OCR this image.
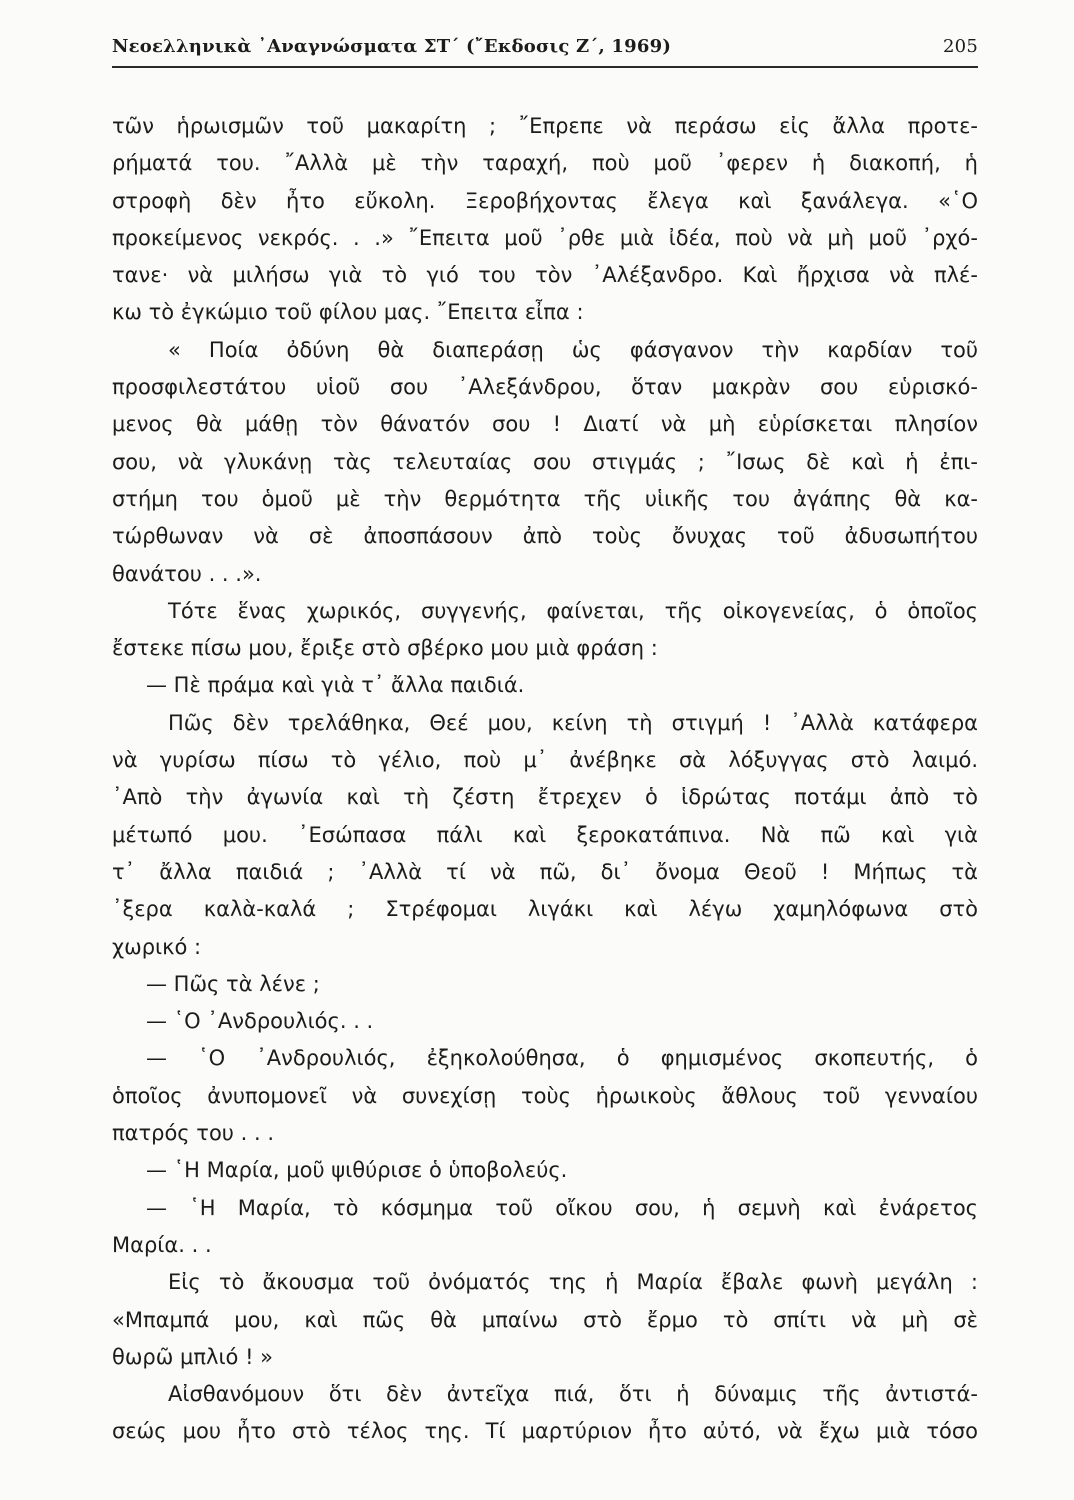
Νεοελληνικὰ ᾽Αναγνώσματα ΣΤ΄ (῎Εκδοσις Ζ΄, 1969)	205
τῶν ἡρωισμῶν τοῦ μακαρίτη ; ῎Επρεπε νὰ περάσω εἰς ἄλλα προτε-
ρήματά του. ῎Αλλὰ μὲ τὴν ταραχή, ποὺ μοῦ ᾽φερεν ἡ διακοπή, ἡ
στροφὴ δὲν ἦτο εὔκολη. Ξεροβήχοντας ἔλεγα καὶ ξανάλεγα. «῾Ο
προκείμενος νεκρός. . .» ῎Επειτα μοῦ ᾽ρθε μιὰ ἰδέα, ποὺ νὰ μὴ μοῦ ᾽ρχό-
τανε· νὰ μιλήσω γιὰ τὸ γιό του τὸν ᾽Αλέξανδρο. Καὶ ἤρχισα νὰ πλέ-
κω τὸ ἐγκώμιο τοῦ φίλου μας. ῎Επειτα εἶπα :
« Ποία ὀδύνη θὰ διαπεράσῃ ὡς φάσγανον τὴν καρδίαν τοῦ
προσφιλεστάτου υἱοῦ σου ᾽Αλεξάνδρου, ὅταν μακρὰν σου εὑρισκό-
μενος θὰ μάθῃ τὸν θάνατόν σου ! Διατί νὰ μὴ εὑρίσκεται πλησίον
σου, νὰ γλυκάνῃ τὰς τελευταίας σου στιγμάς ; ῎Ισως δὲ καὶ ἡ ἐπι-
στήμη του ὁμοῦ μὲ τὴν θερμότητα τῆς υἱικῆς του ἀγάπης θὰ κα-
τώρθωναν νὰ σὲ ἀποσπάσουν ἀπὸ τοὺς ὄνυχας τοῦ ἀδυσωπήτου
θανάτου . . .».
Τότε ἕνας χωρικός, συγγενής, φαίνεται, τῆς οἰκογενείας, ὁ ὁποῖος
ἔστεκε πίσω μου, ἔριξε στὸ σβέρκο μου μιὰ φράση :
— Πὲ πράμα καὶ γιὰ τ᾽ ἄλλα παιδιά.
Πῶς δὲν τρελάθηκα, Θεέ μου, κείνη τὴ στιγμή ! ᾽Αλλὰ κατάφερα
νὰ γυρίσω πίσω τὸ γέλιο, ποὺ μ᾽ ἀνέβηκε σὰ λόξυγγας στὸ λαιμό.
᾽Απὸ τὴν ἀγωνία καὶ τὴ ζέστη ἔτρεχεν ὁ ἱδρώτας ποτάμι ἀπὸ τὸ
μέτωπό μου. ᾽Εσώπασα πάλι καὶ ξεροκατάπινα. Νὰ πῶ καὶ γιὰ
τ᾽ ἄλλα παιδιά ; ᾽Αλλὰ τί νὰ πῶ, δι᾽ ὄνομα Θεοῦ ! Μήπως τὰ
᾽ξερα καλὰ-καλά ; Στρέφομαι λιγάκι καὶ λέγω χαμηλόφωνα στὸ
χωρικό :
— Πῶς τὰ λένε ;
— ῾Ο ᾽Ανδρουλιός. . .
— ῾Ο ᾽Ανδρουλιός, ἐξηκολούθησα, ὁ φημισμένος σκοπευτής, ὁ
ὁποῖος ἀνυπομονεῖ νὰ συνεχίσῃ τοὺς ἡρωικοὺς ἄθλους τοῦ γενναίου
πατρός του . . .
— ῾Η Μαρία, μοῦ ψιθύρισε ὁ ὑποβολεύς.
— ῾Η Μαρία, τὸ κόσμημα τοῦ οἴκου σου, ἡ σεμνὴ καὶ ἐνάρετος
Μαρία. . .
Εἰς τὸ ἄκουσμα τοῦ ὀνόματός της ἡ Μαρία ἔβαλε φωνὴ μεγάλη :
«Μπαμπά μου, καὶ πῶς θὰ μπαίνω στὸ ἔρμο τὸ σπίτι νὰ μὴ σὲ
θωρῶ μπλιό ! »
Αἰσθανόμουν ὅτι δὲν ἀντεῖχα πιά, ὅτι ἡ δύναμις τῆς ἀντιστά-
σεώς μου ἦτο στὸ τέλος της. Τί μαρτύριον ἦτο αὐτό, νὰ ἔχω μιὰ τόσο
